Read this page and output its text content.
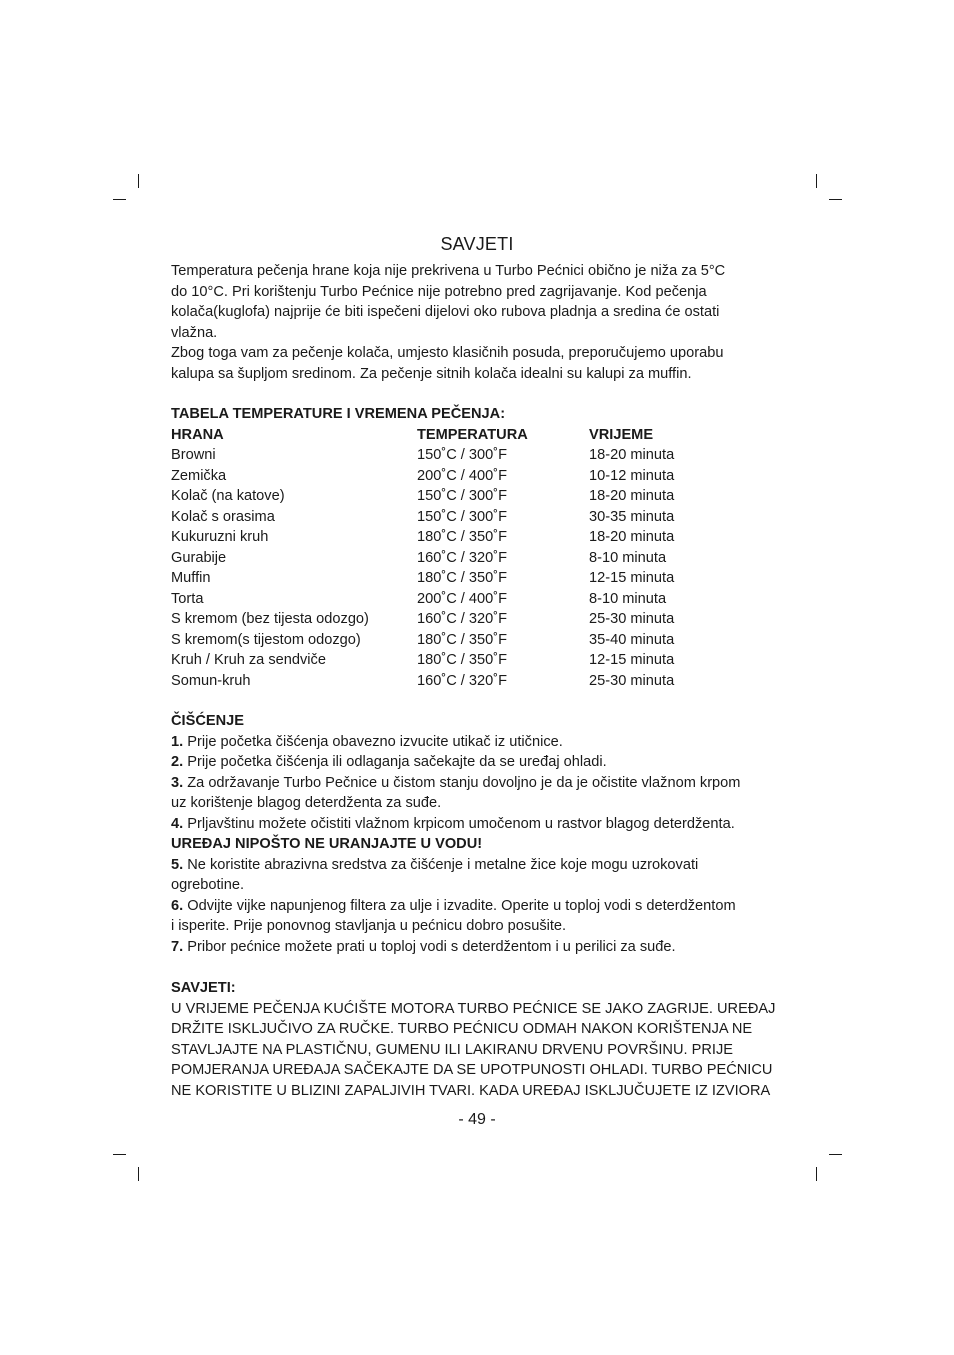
SAVJETI

Temperatura pečenja hrane koja nije prekrivena u Turbo Pećnici obično je niža za 5°C

do 10°C. Pri korištenju Turbo Pećnice nije potrebno pred zagrijavanje. Kod pečenja

kolača(kuglofa) najprije će biti ispečeni dijelovi oko rubova pladnja a sredina će ostati

vlažna.

Zbog toga vam za pečenje kolača, umjesto klasičnih posuda, preporučujemo uporabu

kalupa sa šupljom sredinom. Za pečenje sitnih kolača idealni su kalupi za muffin.

TABELA TEMPERATURE I VREMENA PEČENJA:

HRANA	TEMPERATURA	VRIJEME
Browni	150˚C / 300˚F	18-20 minuta
Zemička	200˚C / 400˚F	10-12 minuta
Kolač (na katove)	150˚C / 300˚F	18-20 minuta
Kolač s orasima	150˚C / 300˚F	30-35 minuta
Kukuruzni kruh	180˚C / 350˚F	18-20 minuta
Gurabije	160˚C / 320˚F	8-10 minuta
Muffin	180˚C / 350˚F	12-15 minuta
Torta	200˚C / 400˚F	8-10 minuta
S kremom (bez tijesta odozgo)	160˚C / 320˚F	25-30 minuta
S kremom(s tijestom odozgo)	180˚C / 350˚F	35-40 minuta
Kruh / Kruh za sendviče	180˚C / 350˚F	12-15 minuta
Somun-kruh	160˚C / 320˚F	25-30 minuta

ČIŠĆENJE

1. Prije početka čišćenja obavezno izvucite utikač iz utičnice.

2. Prije početka čišćenja ili odlaganja sačekajte da se uređaj ohladi.

3. Za održavanje Turbo Pečnice u čistom stanju dovoljno je da je očistite vlažnom krpom

uz korištenje blagog deterdženta za suđe.

4. Prljavštinu možete očistiti vlažnom krpicom umočenom u rastvor blagog deterdženta.

UREĐAJ NIPOŠTO NE URANJAJTE U VODU!

5. Ne koristite abrazivna sredstva za čišćenje i metalne žice koje mogu uzrokovati

ogrebotine.

6. Odvijte vijke napunjenog filtera za ulje i izvadite. Operite u toploj vodi s deterdžentom

i isperite. Prije ponovnog stavljanja u pećnicu dobro posušite.

7. Pribor pećnice možete prati u toploj vodi s deterdžentom i u perilici za suđe.

SAVJETI:

U VRIJEME PEČENJA KUĆIŠTE MOTORA TURBO PEĆNICE SE JAKO ZAGRIJE. UREĐAJ

DRŽITE ISKLJUČIVO ZA RUČKE. TURBO PEĆNICU ODMAH NAKON KORIŠTENJA NE

STAVLJAJTE NA PLASTIČNU, GUMENU ILI LAKIRANU DRVENU POVRŠINU. PRIJE

POMJERANJA UREĐAJA SAČEKAJTE DA SE UPOTPUNOSTI OHLADI. TURBO PEĆNICU

NE KORISTITE U BLIZINI ZAPALJIVIH TVARI. KADA UREĐAJ ISKLJUČUJETE IZ IZVIORA

- 49 -
